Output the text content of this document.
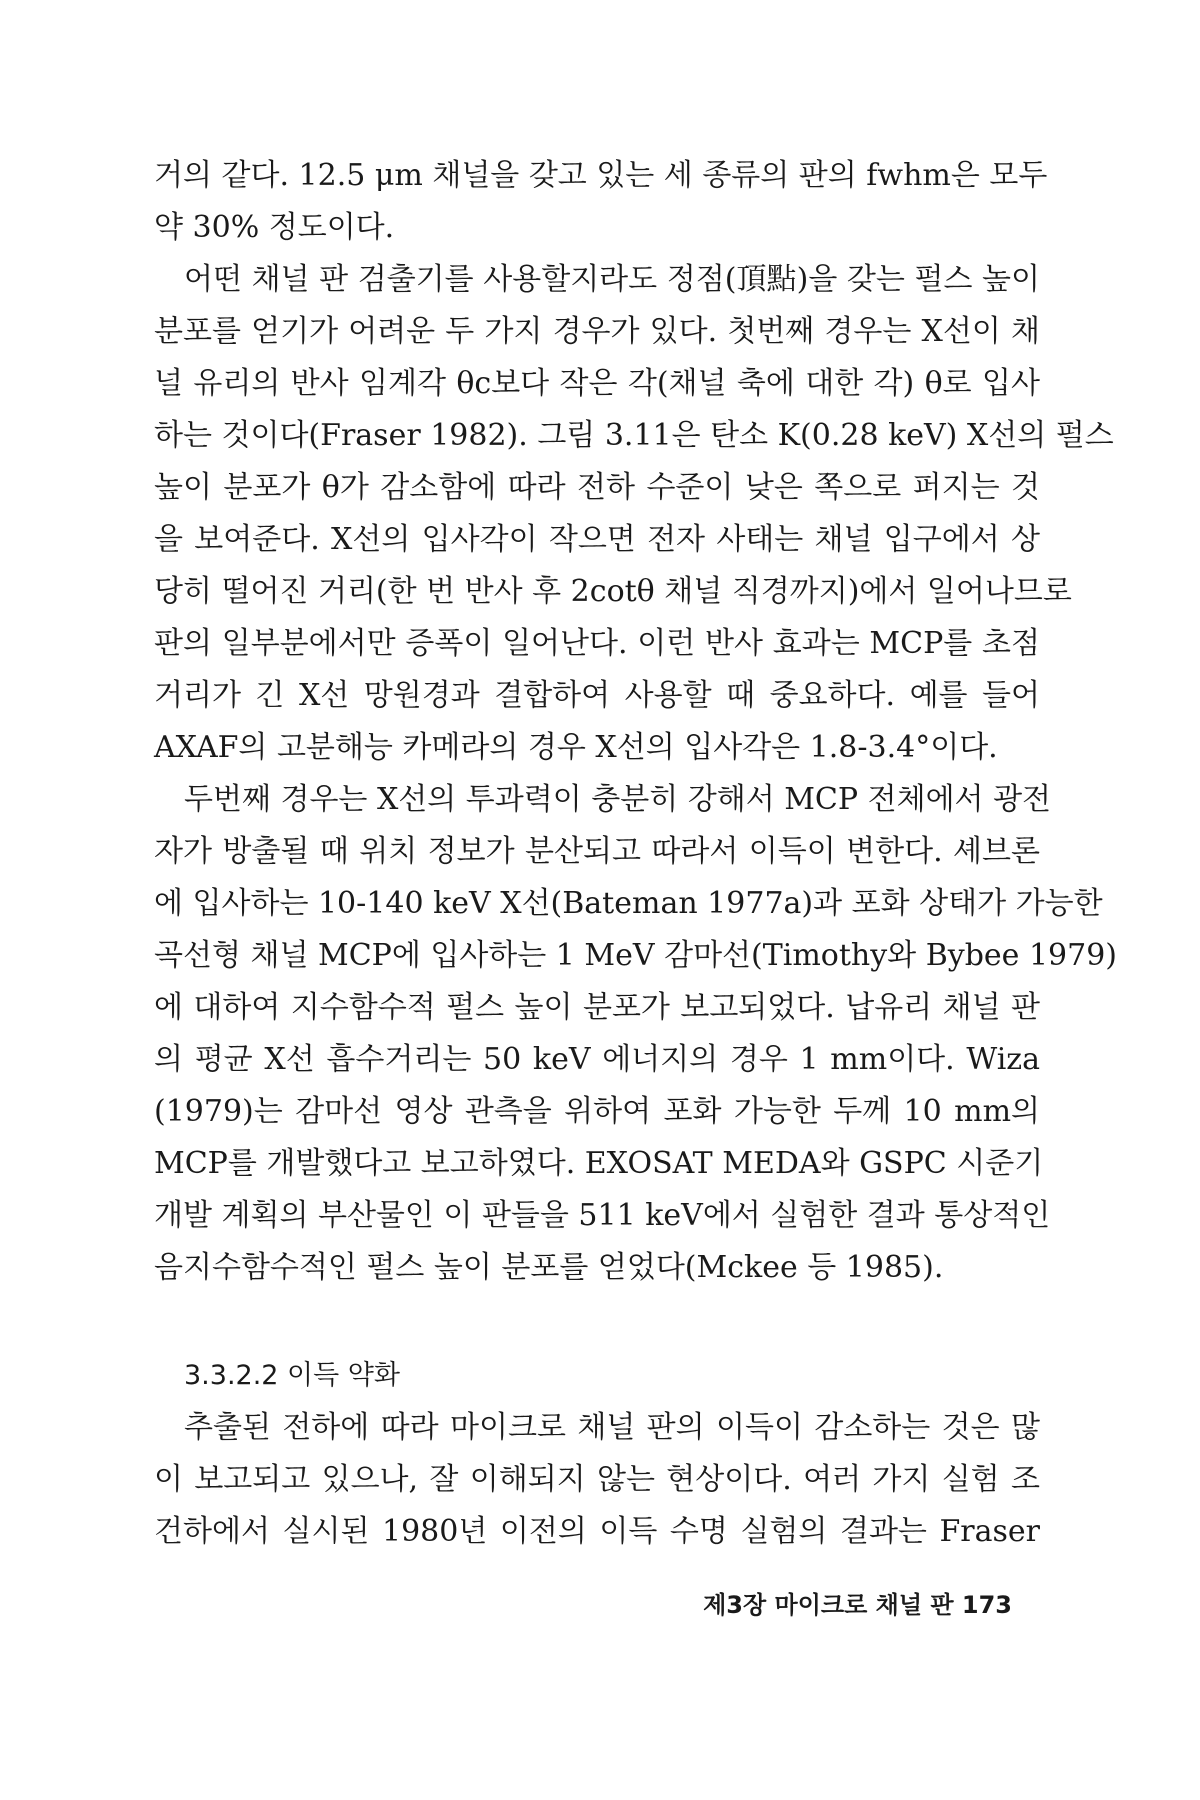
거의 같다. 12.5 μm 채널을 갖고 있는 세 종류의 판의 fwhm은 모두
약 30% 정도이다.
어떤 채널 판 검출기를 사용할지라도 정점(頂點)을 갖는 펄스 높이
분포를 얻기가 어려운 두 가지 경우가 있다. 첫번째 경우는 X선이 채
널 유리의 반사 임계각 θc보다 작은 각(채널 축에 대한 각) θ로 입사
하는 것이다(Fraser 1982). 그림 3.11은 탄소 K(0.28 keV) X선의 펄스
높이 분포가 θ가 감소함에 따라 전하 수준이 낮은 쪽으로 퍼지는 것
을 보여준다. X선의 입사각이 작으면 전자 사태는 채널 입구에서 상
당히 떨어진 거리(한 번 반사 후 2cotθ 채널 직경까지)에서 일어나므로
판의 일부분에서만 증폭이 일어난다. 이런 반사 효과는 MCP를 초점
거리가 긴 X선 망원경과 결합하여 사용할 때 중요하다. 예를 들어
AXAF의 고분해능 카메라의 경우 X선의 입사각은 1.8-3.4°이다.
두번째 경우는 X선의 투과력이 충분히 강해서 MCP 전체에서 광전
자가 방출될 때 위치 정보가 분산되고 따라서 이득이 변한다. 셰브론
에 입사하는 10-140 keV X선(Bateman 1977a)과 포화 상태가 가능한
곡선형 채널 MCP에 입사하는 1 MeV 감마선(Timothy와 Bybee 1979)
에 대하여 지수함수적 펄스 높이 분포가 보고되었다. 납유리 채널 판
의 평균 X선 흡수거리는 50 keV 에너지의 경우 1 mm이다. Wiza
(1979)는 감마선 영상 관측을 위하여 포화 가능한 두께 10 mm의
MCP를 개발했다고 보고하였다. EXOSAT MEDA와 GSPC 시준기
개발 계획의 부산물인 이 판들을 511 keV에서 실험한 결과 통상적인
음지수함수적인 펄스 높이 분포를 얻었다(Mckee 등 1985).
3.3.2.2 이득 약화
추출된 전하에 따라 마이크로 채널 판의 이득이 감소하는 것은 많
이 보고되고 있으나, 잘 이해되지 않는 현상이다. 여러 가지 실험 조
건하에서 실시된 1980년 이전의 이득 수명 실험의 결과는 Fraser
제3장 마이크로 채널 판 173
